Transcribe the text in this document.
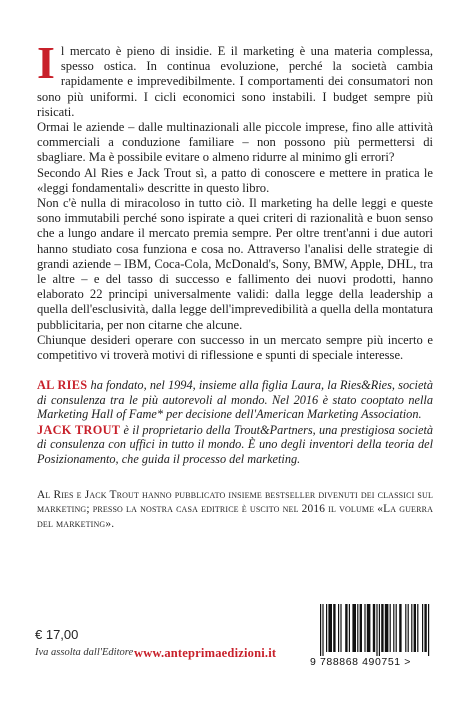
Il mercato è pieno di insidie. E il marketing è una materia complessa, spesso ostica. In continua evoluzione, perché la società cambia rapidamente e imprevedibilmente. I comportamenti dei consumatori non sono più uniformi. I cicli economici sono instabili. I budget sempre più risicati.

Ormai le aziende – dalle multinazionali alle piccole imprese, fino alle attività commerciali a conduzione familiare – non possono più permettersi di sbagliare. Ma è possibile evitare o almeno ridurre al minimo gli errori?

Secondo Al Ries e Jack Trout sì, a patto di conoscere e mettere in pratica le «leggi fondamentali» descritte in questo libro.

Non c'è nulla di miracoloso in tutto ciò. Il marketing ha delle leggi e queste sono immutabili perché sono ispirate a quei criteri di razionalità e buon senso che a lungo andare il mercato premia sempre. Per oltre trent'anni i due autori hanno studiato cosa funziona e cosa no. Attraverso l'analisi delle strategie di grandi aziende – IBM, Coca-Cola, McDonald's, Sony, BMW, Apple, DHL, tra le altre – e del tasso di successo e fallimento dei nuovi prodotti, hanno elaborato 22 principi universalmente validi: dalla legge della leadership a quella dell'esclusività, dalla legge dell'imprevedibilità a quella della montatura pubblicitaria, per non citarne che alcune.

Chiunque desideri operare con successo in un mercato sempre più incerto e competitivo vi troverà motivi di riflessione e spunti di speciale interesse.

AL RIES ha fondato, nel 1994, insieme alla figlia Laura, la Ries&Ries, società di consulenza tra le più autorevoli al mondo. Nel 2016 è stato cooptato nella Marketing Hall of Fame* per decisione dell'American Marketing Association.

JACK TROUT è il proprietario della Trout&Partners, una prestigiosa società di consulenza con uffici in tutto il mondo. È uno degli inventori della teoria del Posizionamento, che guida il processo del marketing.

Al Ries e Jack Trout hanno pubblicato insieme bestseller divenuti dei classici sul marketing; presso la nostra casa editrice è uscito nel 2016 il volume «La guerra del marketing».
€ 17,00
Iva assolta dall'Editore www.anteprimaedizioni.it
9 788868 490751 >
